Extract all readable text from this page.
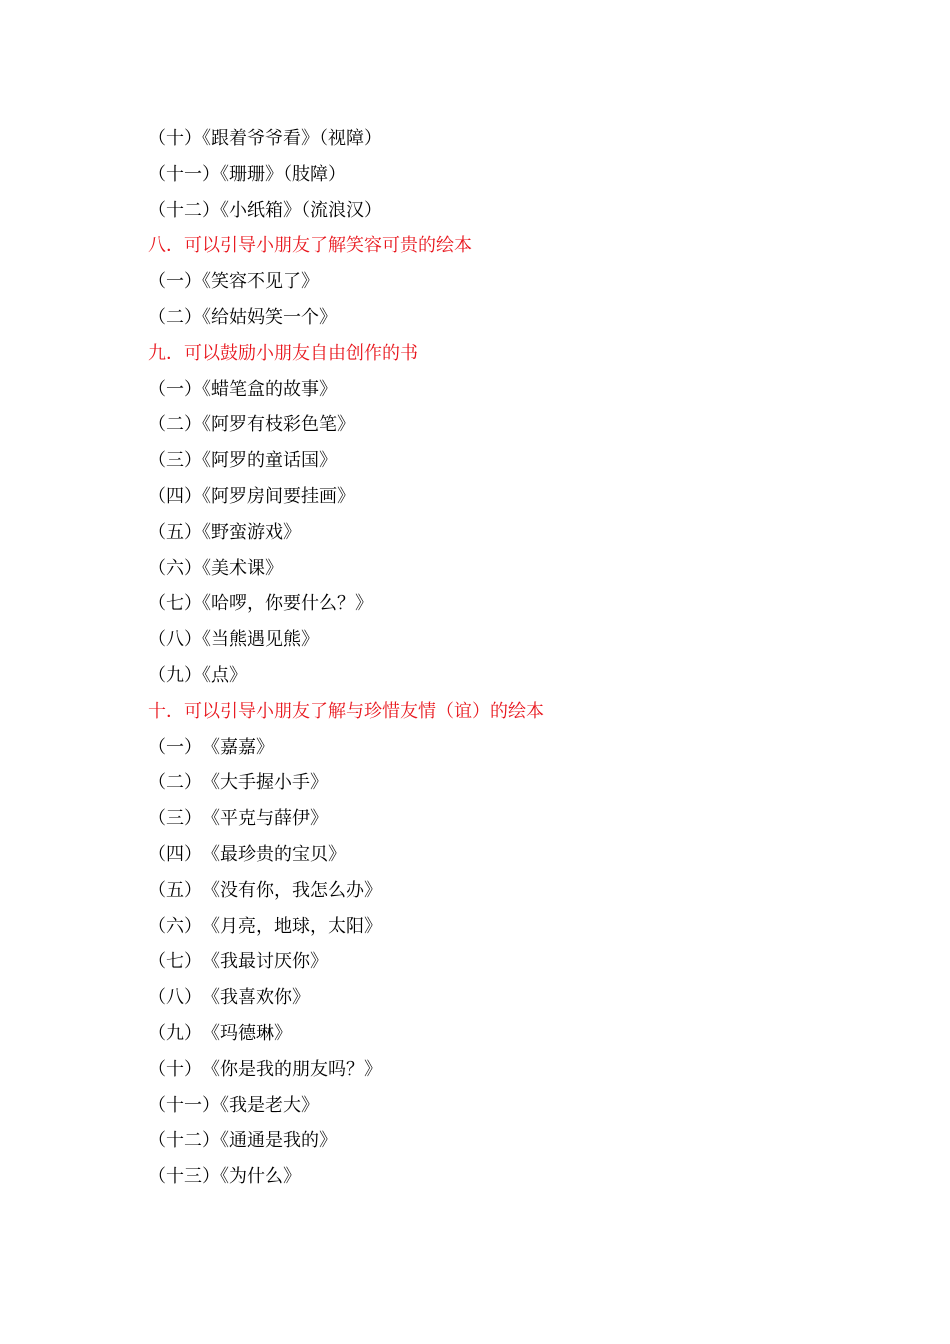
（十）《跟着爷爷看》（视障）
（十一）《珊珊》（肢障）
（十二）《小纸箱》（流浪汉）
八．可以引导小朋友了解笑容可贵的绘本
（一）《笑容不见了》
（二）《给姑妈笑一个》
九．可以鼓励小朋友自由创作的书
（一）《蜡笔盒的故事》
（二）《阿罗有枝彩色笔》
（三）《阿罗的童话国》
（四）《阿罗房间要挂画》
（五）《野蛮游戏》
（六）《美术课》
（七）《哈啰，你要什么？》
（八）《当熊遇见熊》
（九）《点》
十．可以引导小朋友了解与珍惜友情（谊）的绘本
（一）　《嘉嘉》
（二）　《大手握小手》
（三）　《平克与薛伊》
（四）　《最珍贵的宝贝》
（五）　《没有你，我怎么办》
（六）　《月亮，地球，太阳》
（七）　《我最讨厌你》
（八）　《我喜欢你》
（九）　《玛德琳》
（十）　《你是我的朋友吗？》
（十一）《我是老大》
（十二）《通通是我的》
（十三）《为什么》
